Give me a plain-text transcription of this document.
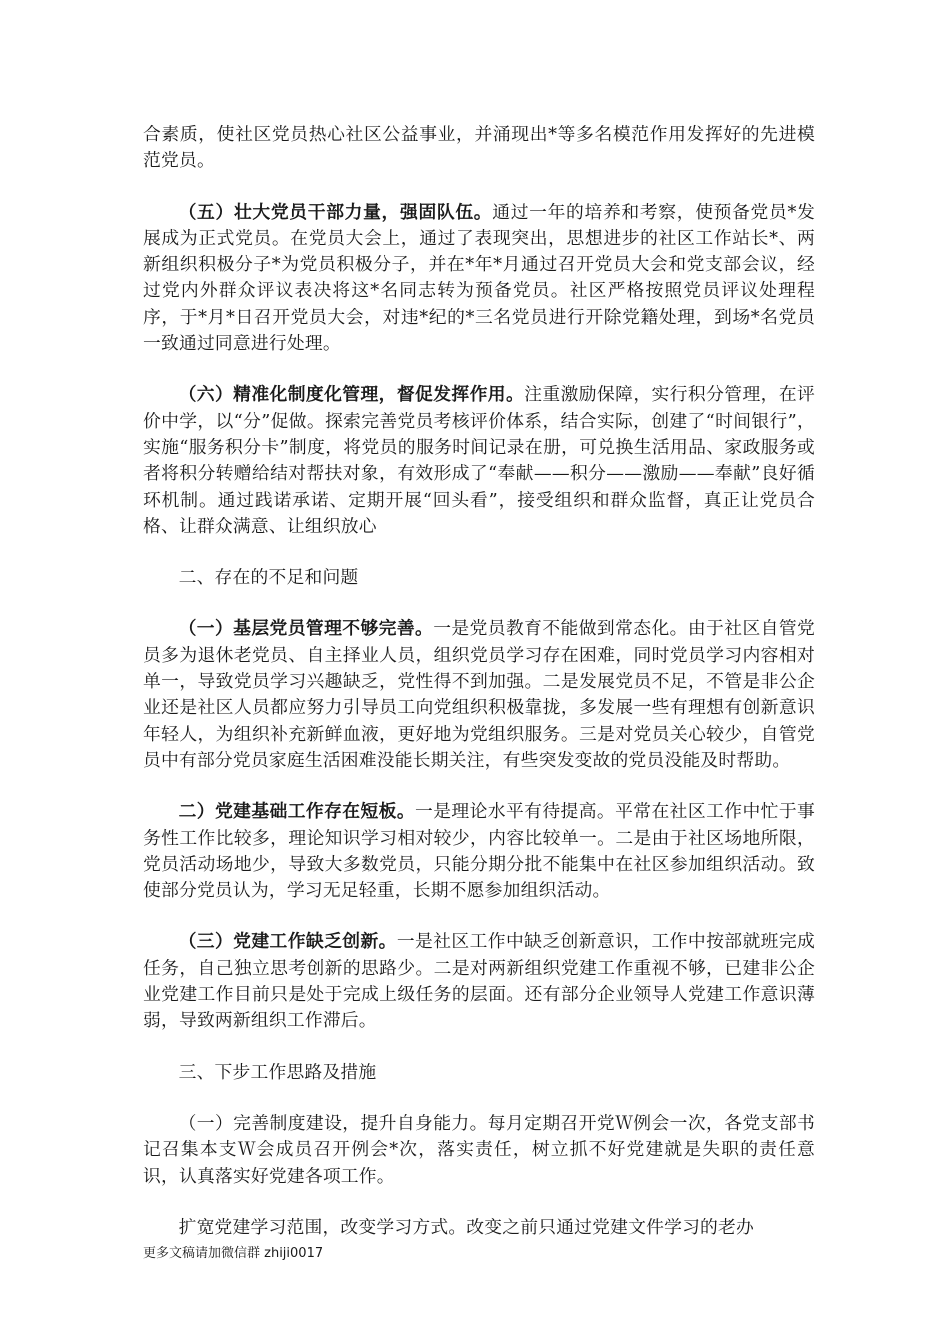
合素质，使社区党员热心社区公益事业，并涌现出*等多名模范作用发挥好的先进模范党员。

（五）壮大党员干部力量，强固队伍。通过一年的培养和考察，使预备党员*发展成为正式党员。在党员大会上，通过了表现突出，思想进步的社区工作站长*、两新组织积极分子*为党员积极分子，并在*年*月通过召开党员大会和党支部会议，经过党内外群众评议表决将这*名同志转为预备党员。社区严格按照党员评议处理程序，于*月*日召开党员大会，对违*纪的*三名党员进行开除党籍处理，到场*名党员一致通过同意进行处理。

（六）精准化制度化管理，督促发挥作用。注重激励保障，实行积分管理，在评价中学，以“分”促做。探索完善党员考核评价体系，结合实际，创建了“时间银行”，实施“服务积分卡”制度，将党员的服务时间记录在册，可兑换生活用品、家政服务或者将积分转赠给结对帮扶对象，有效形成了“奉献——积分——激励——奉献”良好循环机制。通过践诺承诺、定期开展“回头看”，接受组织和群众监督，真正让党员合格、让群众满意、让组织放心

二、存在的不足和问题

（一）基层党员管理不够完善。一是党员教育不能做到常态化。由于社区自管党员多为退休老党员、自主择业人员，组织党员学习存在困难，同时党员学习内容相对单一，导致党员学习兴趣缺乏，党性得不到加强。二是发展党员不足，不管是非公企业还是社区人员都应努力引导员工向党组织积极靠拢，多发展一些有理想有创新意识年轻人，为组织补充新鲜血液，更好地为党组织服务。三是对党员关心较少，自管党员中有部分党员家庭生活困难没能长期关注，有些突发变故的党员没能及时帮助。

二）党建基础工作存在短板。一是理论水平有待提高。平常在社区工作中忙于事务性工作比较多，理论知识学习相对较少，内容比较单一。二是由于社区场地所限，党员活动场地少，导致大多数党员，只能分期分批不能集中在社区参加组织活动。致使部分党员认为，学习无足轻重，长期不愿参加组织活动。

（三）党建工作缺乏创新。一是社区工作中缺乏创新意识，工作中按部就班完成任务，自己独立思考创新的思路少。二是对两新组织党建工作重视不够，已建非公企业党建工作目前只是处于完成上级任务的层面。还有部分企业领导人党建工作意识薄弱，导致两新组织工作滞后。

三、下步工作思路及措施

（一）完善制度建设，提升自身能力。每月定期召开党Ｗ例会一次，各党支部书记召集本支Ｗ会成员召开例会*次，落实责任，树立抓不好党建就是失职的责任意识，认真落实好党建各项工作。

扩宽党建学习范围，改变学习方式。改变之前只通过党建文件学习的老办

更多文稿请加微信群 zhiji0017
